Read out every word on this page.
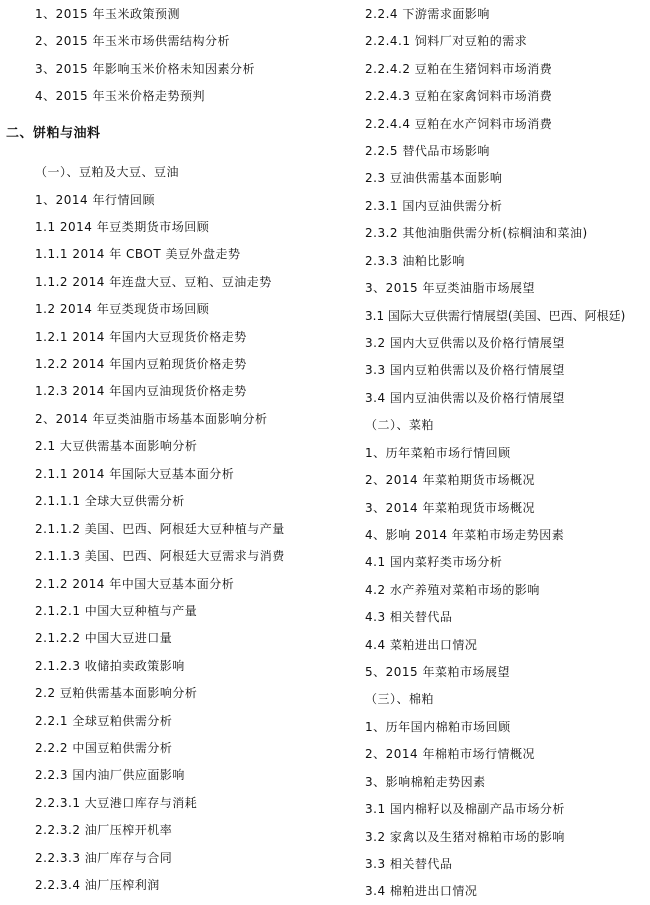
1、2015 年玉米政策预测
2、2015 年玉米市场供需结构分析
3、2015 年影响玉米价格未知因素分析
4、2015 年玉米价格走势预判
二、饼粕与油料
（一）、豆粕及大豆、豆油
1、2014 年行情回顾
1.1 2014 年豆类期货市场回顾
1.1.1 2014 年 CBOT 美豆外盘走势
1.1.2 2014 年连盘大豆、豆粕、豆油走势
1.2 2014 年豆类现货市场回顾
1.2.1 2014 年国内大豆现货价格走势
1.2.2 2014 年国内豆粕现货价格走势
1.2.3 2014 年国内豆油现货价格走势
2、2014 年豆类油脂市场基本面影响分析
2.1 大豆供需基本面影响分析
2.1.1 2014 年国际大豆基本面分析
2.1.1.1 全球大豆供需分析
2.1.1.2 美国、巴西、阿根廷大豆种植与产量
2.1.1.3 美国、巴西、阿根廷大豆需求与消费
2.1.2 2014 年中国大豆基本面分析
2.1.2.1 中国大豆种植与产量
2.1.2.2 中国大豆进口量
2.1.2.3 收储拍卖政策影响
2.2 豆粕供需基本面影响分析
2.2.1 全球豆粕供需分析
2.2.2 中国豆粕供需分析
2.2.3 国内油厂供应面影响
2.2.3.1 大豆港口库存与消耗
2.2.3.2 油厂压榨开机率
2.2.3.3 油厂库存与合同
2.2.3.4 油厂压榨利润
2.2.4 下游需求面影响
2.2.4.1 饲料厂对豆粕的需求
2.2.4.2 豆粕在生猪饲料市场消费
2.2.4.3 豆粕在家禽饲料市场消费
2.2.4.4 豆粕在水产饲料市场消费
2.2.5 替代品市场影响
2.3 豆油供需基本面影响
2.3.1 国内豆油供需分析
2.3.2 其他油脂供需分析(棕榈油和菜油)
2.3.3 油粕比影响
3、2015 年豆类油脂市场展望
3.1 国际大豆供需行情展望(美国、巴西、阿根廷)
3.2 国内大豆供需以及价格行情展望
3.3 国内豆粕供需以及价格行情展望
3.4 国内豆油供需以及价格行情展望
（二）、菜粕
1、历年菜粕市场行情回顾
2、2014 年菜粕期货市场概况
3、2014 年菜粕现货市场概况
4、影响 2014 年菜粕市场走势因素
4.1 国内菜籽类市场分析
4.2 水产养殖对菜粕市场的影响
4.3 相关替代品
4.4 菜粕进出口情况
5、2015 年菜粕市场展望
（三）、棉粕
1、历年国内棉粕市场回顾
2、2014 年棉粕市场行情概况
3、影响棉粕走势因素
3.1 国内棉籽以及棉副产品市场分析
3.2 家禽以及生猪对棉粕市场的影响
3.3 相关替代品
3.4 棉粕进出口情况
